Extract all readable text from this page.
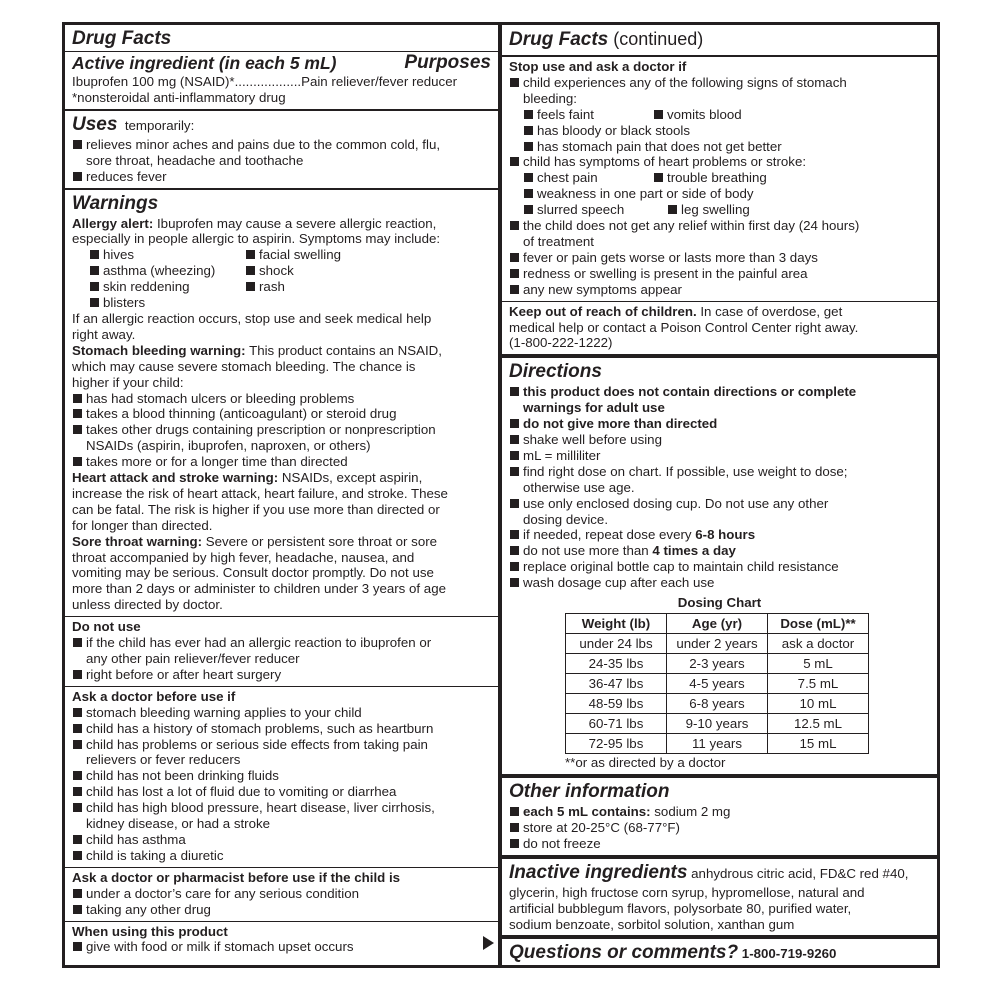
Drug Facts
Purposes
Active ingredient (in each 5 mL)
Ibuprofen 100 mg (NSAID)*..................Pain reliever/fever reducer
*nonsteroidal anti-inflammatory drug
Uses temporarily:
relieves minor aches and pains due to the common cold, flu,
sore throat, headache and toothache
reduces fever
Warnings
Allergy alert: Ibuprofen may cause a severe allergic reaction,
especially in people allergic to aspirin. Symptoms may include:
hives
asthma (wheezing)
skin reddening
blisters
facial swelling
shock
rash
If an allergic reaction occurs, stop use and seek medical help
right away.
Stomach bleeding warning: This product contains an NSAID,
which may cause severe stomach bleeding. The chance is
higher if your child:
has had stomach ulcers or bleeding problems
takes a blood thinning (anticoagulant) or steroid drug
takes other drugs containing prescription or nonprescription
NSAIDs (aspirin, ibuprofen, naproxen, or others)
takes more or for a longer time than directed
Heart attack and stroke warning: NSAIDs, except aspirin,
increase the risk of heart attack, heart failure, and stroke. These
can be fatal. The risk is higher if you use more than directed or
for longer than directed.
Sore throat warning: Severe or persistent sore throat or sore
throat accompanied by high fever, headache, nausea, and
vomiting may be serious. Consult doctor promptly. Do not use
more than 2 days or administer to children under 3 years of age
unless directed by doctor.
Do not use
if the child has ever had an allergic reaction to ibuprofen or
any other pain reliever/fever reducer
right before or after heart surgery
Ask a doctor before use if
stomach bleeding warning applies to your child
child has a history of stomach problems, such as heartburn
child has problems or serious side effects from taking pain
relievers or fever reducers
child has not been drinking fluids
child has lost a lot of fluid due to vomiting or diarrhea
child has high blood pressure, heart disease, liver cirrhosis,
kidney disease, or had a stroke
child has asthma
child is taking a diuretic
Ask a doctor or pharmacist before use if the child is
under a doctor’s care for any serious condition
taking any other drug
When using this product
give with food or milk if stomach upset occurs
Drug Facts (continued)
Stop use and ask a doctor if
child experiences any of the following signs of stomach
bleeding:
feels faint	vomits blood
has bloody or black stools
has stomach pain that does not get better
child has symptoms of heart problems or stroke:
chest pain	trouble breathing
weakness in one part or side of body
slurred speech	leg swelling
the child does not get any relief within first day (24 hours)
of treatment
fever or pain gets worse or lasts more than 3 days
redness or swelling is present in the painful area
any new symptoms appear
Keep out of reach of children. In case of overdose, get
medical help or contact a Poison Control Center right away.
(1-800-222-1222)
Directions
this product does not contain directions or complete
warnings for adult use
do not give more than directed
shake well before using
mL = milliliter
find right dose on chart. If possible, use weight to dose;
otherwise use age.
use only enclosed dosing cup. Do not use any other
dosing device.
if needed, repeat dose every 6-8 hours
do not use more than 4 times a day
replace original bottle cap to maintain child resistance
wash dosage cup after each use
Dosing Chart
Weight (lb)	Age (yr)	Dose (mL)**
under 24 lbs	under 2 years	ask a doctor
24-35 lbs	2-3 years	5 mL
36-47 lbs	4-5 years	7.5 mL
48-59 lbs	6-8 years	10 mL
60-71 lbs	9-10 years	12.5 mL
72-95 lbs	11 years	15 mL
**or as directed by a doctor
Other information
each 5 mL contains: sodium 2 mg
store at 20-25°C (68-77°F)
do not freeze
Inactive ingredients anhydrous citric acid, FD&C red #40,
glycerin, high fructose corn syrup, hypromellose, natural and
artificial bubblegum flavors, polysorbate 80, purified water,
sodium benzoate, sorbitol solution, xanthan gum
Questions or comments? 1-800-719-9260
